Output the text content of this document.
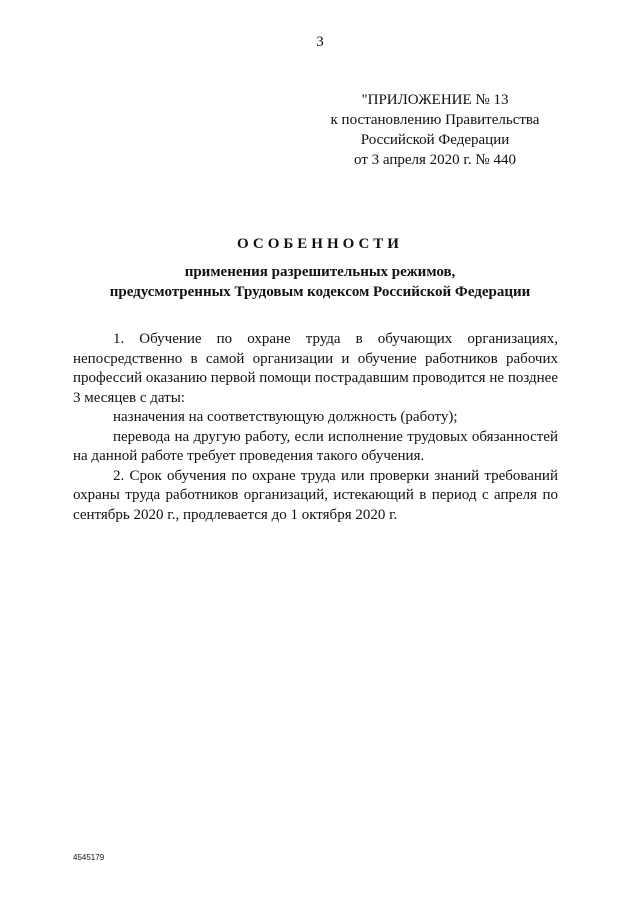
3
"ПРИЛОЖЕНИЕ № 13
к постановлению Правительства
Российской Федерации
от 3 апреля 2020 г. № 440
ОСОБЕННОСТИ
применения разрешительных режимов,
предусмотренных Трудовым кодексом Российской Федерации

1. Обучение по охране труда в обучающих организациях, непосредственно в самой организации и обучение работников рабочих профессий оказанию первой помощи пострадавшим проводится не позднее 3 месяцев с даты:

назначения на соответствующую должность (работу);

перевода на другую работу, если исполнение трудовых обязанностей на данной работе требует проведения такого обучения.

2. Срок обучения по охране труда или проверки знаний требований охраны труда работников организаций, истекающий в период с апреля по сентябрь 2020 г., продлевается до 1 октября 2020 г.

4545179
